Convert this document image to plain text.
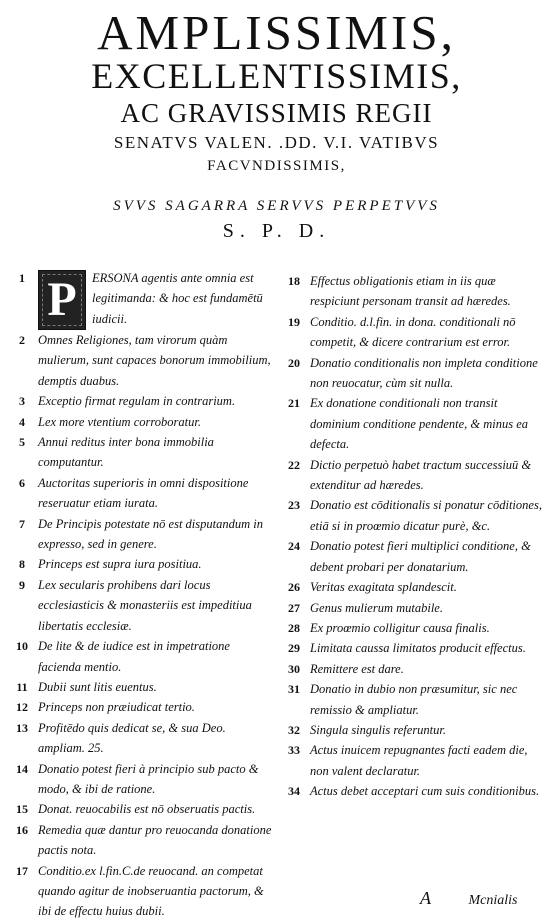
AMPLISSIMIS,
EXCELLENTISSIMIS,
AC GRAVISSIMIS REGII
SENATVS VALEN. .DD. V.I. VATIBVS
FACVNDISSIMIS,
SVVS SAGARRA SERVVS PERPETVVS
S. P. D.
1 P	ERSONA agentis ante omnia est legitimanda: & hoc est fundamētū iudicii.
2	Omnes Religiones, tam virorum quàm mulierum, sunt capaces bonorum immobilium, demptis duabus.
3	Exceptio firmat regulam in contrarium.
4	Lex more vtentium corroboratur.
5	Annui reditus inter bona immobilia computantur.
6	Auctoritas superioris in omni dispositione reseruatur etiam iurata.
7	De Principis potestate nō est disputandum in expresso, sed in genere.
8	Princeps est supra iura positiua.
9	Lex secularis prohibens dari locus ecclesiasticis & monasteriis est impeditiua libertatis ecclesiæ.
10 De lite & de iudice est in impetratione facienda mentio.
11 Dubii sunt litis euentus.
12 Princeps non præiudicat tertio.
13 Profitēdo quis dedicat se, & sua Deo. ampliam. 25.
14 Donatio potest fieri à principio sub pacto & modo, & ibi de ratione.
15 Donat. reuocabilis est nō obseruatis pactis.
16 Remedia quæ dantur pro reuocanda donatione pactis nota.
17 Conditio.ex l.fin.C.de reuocand. an competat quando agitur de inobseruantia pactorum, & ibi de effectu huius dubii.
18 Effectus obligationis etiam in iis quæ respiciunt personam transit ad hæredes.
19 Conditio. d.l.fin. in dona. conditionali nō competit, & dicere contrarium est error.
20 Donatio conditionalis non impleta conditione non reuocatur, cùm sit nulla.
21 Ex donatione conditionali non transit dominium conditione pendente, & minus ea defecta.
22 Dictio perpetuò habet tractum successiuū & extenditur ad hæredes.
23 Donatio est cōditionalis si ponatur cōditiones, etiā si in proœmio dicatur purè, &c.
24 Donatio potest fieri multiplici conditione, & debent probari per donatarium.
26 Veritas exagitata splandescit.
27 Genus mulierum mutabile.
28 Ex proœmio colligitur causa finalis.
29 Limitata caussa limitatos producit effectus.
30 Remittere est dare.
31 Donatio in dubio non præsumitur, sic nec remissio & ampliatur.
32 Singula singulis referuntur.
33 Actus inuicem repugnantes facti eadem die, non valent declaratur.
34 Actus debet acceptari cum suis conditionibus.
A	Mcnialis
